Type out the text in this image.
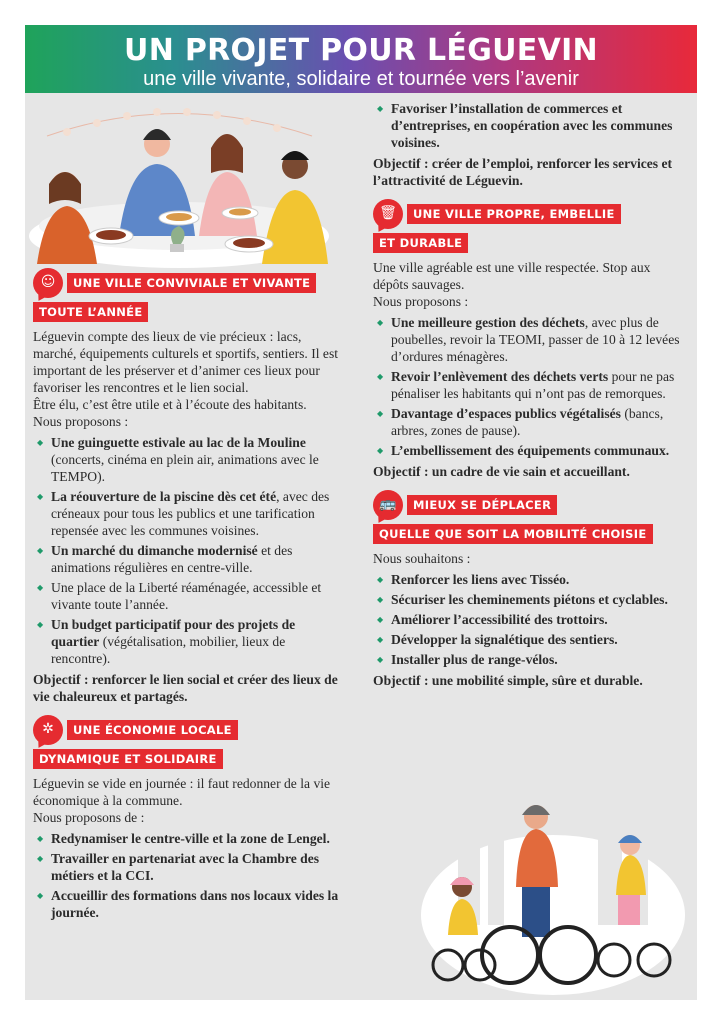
UN PROJET POUR LÉGUEVIN
une ville vivante, solidaire et tournée vers l’avenir
☺	UNE VILLE CONVIVIALE ET VIVANTE
TOUTE L’ANNÉE

Léguevin compte des lieux de vie précieux : lacs, marché, équipements culturels et sportifs, sentiers. Il est important de les préserver et d’animer ces lieux pour favoriser les rencontres et le lien social.

Être élu, c’est être utile et à l’écoute des habitants.

Nous proposons :

◆ Une guinguette estivale au lac de la Mouline (concerts, cinéma en plein air, animations avec le TEMPO).
◆ La réouverture de la piscine dès cet été, avec des créneaux pour tous les publics et une tarification repensée avec les communes voisines.
◆ Un marché du dimanche modernisé et des animations régulières en centre-ville.
◆ Une place de la Liberté réaménagée, accessible et vivante toute l’année.
◆ Un budget participatif pour des projets de quartier (végétalisation, mobilier, lieux de rencontre).

Objectif : renforcer le lien social et créer des lieux de vie chaleureux et partagés.

✲	UNE ÉCONOMIE LOCALE
DYNAMIQUE ET SOLIDAIRE

Léguevin se vide en journée : il faut redonner de la vie économique à la commune.

Nous proposons de :

◆ Redynamiser le centre-ville et la zone de Lengel.
◆ Travailler en partenariat avec la Chambre des métiers et la CCI.
◆ Accueillir des formations dans nos locaux vides la journée.
◆ Favoriser l’installation de commerces et d’entreprises, en coopération avec les communes voisines.

Objectif : créer de l’emploi, renforcer les services et l’attractivité de Léguevin.

🗑	UNE VILLE PROPRE, EMBELLIE
ET DURABLE

Une ville agréable est une ville respectée. Stop aux dépôts sauvages.

Nous proposons :

◆ Une meilleure gestion des déchets, avec plus de poubelles, revoir la TEOMI, passer de 10 à 12 levées d’ordures ménagères.
◆ Revoir l’enlèvement des déchets verts pour ne pas pénaliser les habitants qui n’ont pas de remorques.
◆ Davantage d’espaces publics végétalisés (bancs, arbres, zones de pause).
◆ L’embellissement des équipements communaux.

Objectif : un cadre de vie sain et accueillant.

🚌	MIEUX SE DÉPLACER
QUELLE QUE SOIT LA MOBILITÉ CHOISIE

Nous souhaitons :

◆ Renforcer les liens avec Tisséo.
◆ Sécuriser les cheminements piétons et cyclables.
◆ Améliorer l’accessibilité des trottoirs.
◆ Développer la signalétique des sentiers.
◆ Installer plus de range-vélos.

Objectif : une mobilité simple, sûre et durable.
